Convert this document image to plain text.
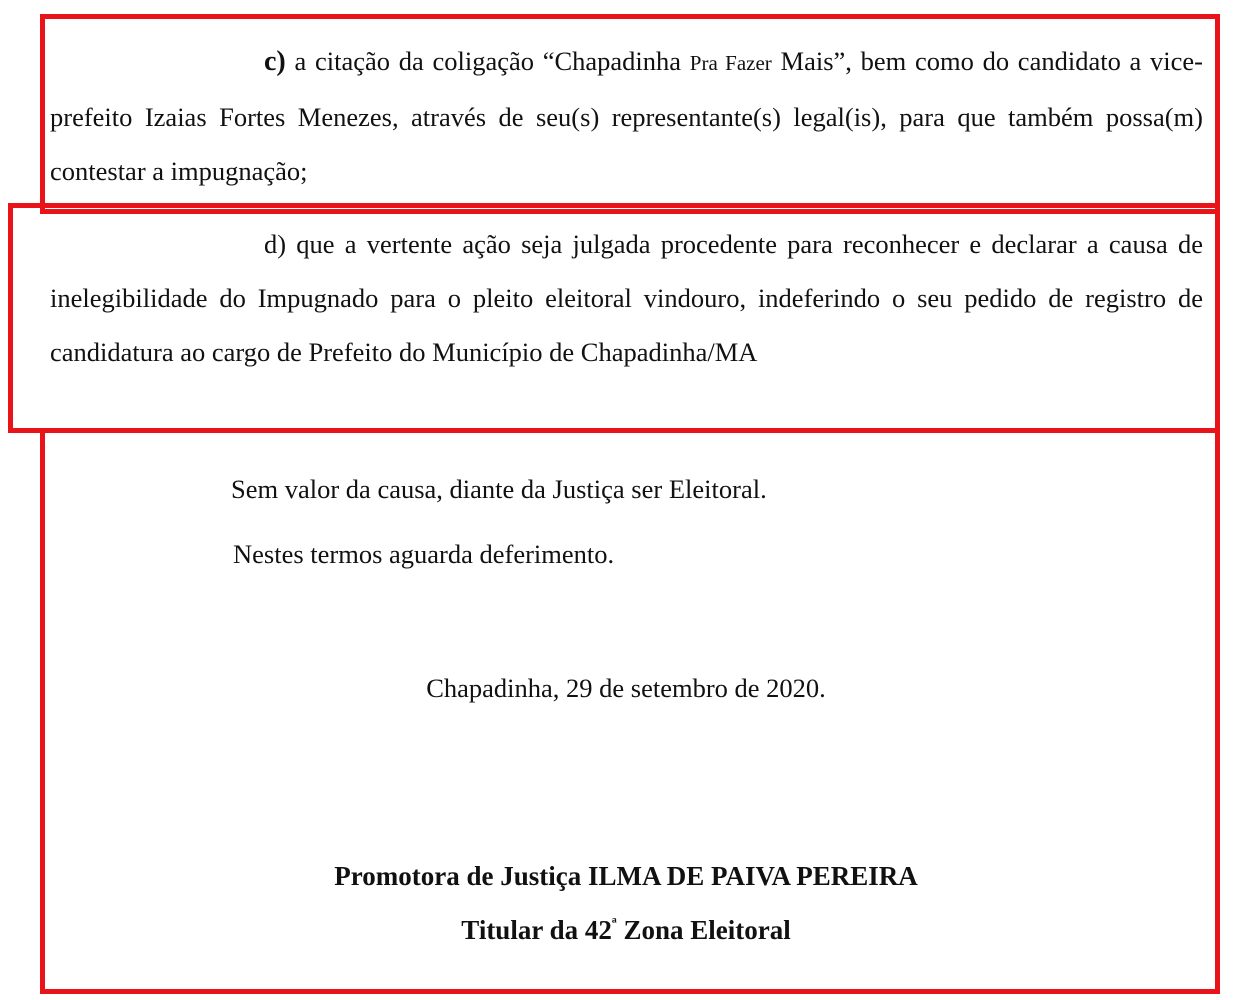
c) a citação da coligação “Chapadinha Pra Fazer Mais”, bem como do candidato a vice-prefeito Izaias Fortes Menezes, através de seu(s) representante(s) legal(is), para que também possa(m) contestar a impugnação;

d) que a vertente ação seja julgada procedente para reconhecer e declarar a causa de inelegibilidade do Impugnado para o pleito eleitoral vindouro, indeferindo o seu pedido de registro de candidatura ao cargo de Prefeito do Município de Chapadinha/MA

Sem valor da causa, diante da Justiça ser Eleitoral.

Nestes termos aguarda deferimento.

Chapadinha, 29 de setembro de 2020.

Promotora de Justiça ILMA DE PAIVA PEREIRA

Titular da $42^ª$ Zona Eleitoral
